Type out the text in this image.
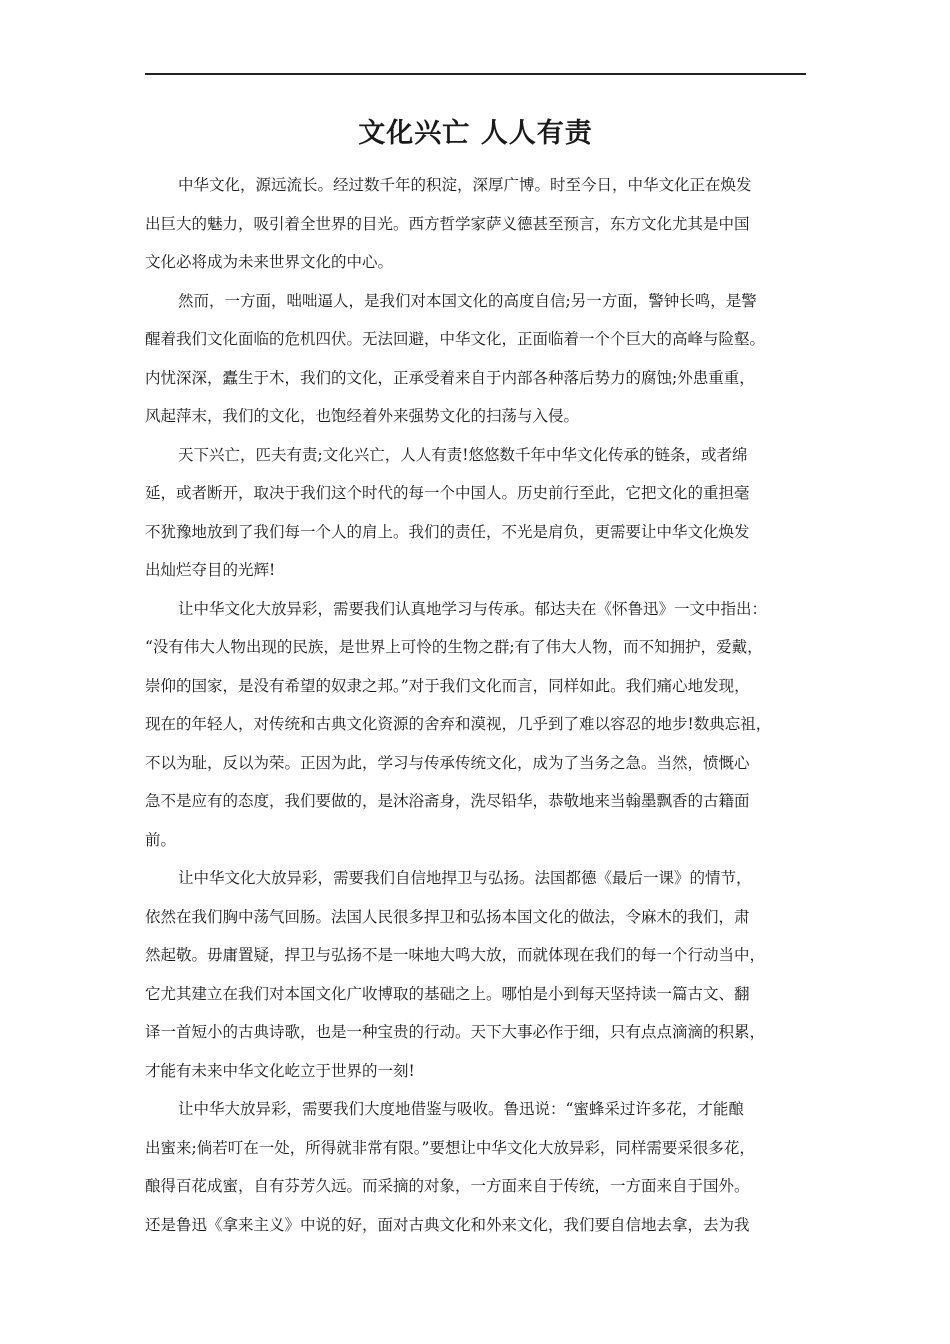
文化兴亡 人人有责

中华文化，源远流长。经过数千年的积淀，深厚广博。时至今日，中华文化正在焕发
出巨大的魅力，吸引着全世界的目光。西方哲学家萨义德甚至预言，东方文化尤其是中国
文化必将成为未来世界文化的中心。

然而，一方面，咄咄逼人，是我们对本国文化的高度自信;另一方面，警钟长鸣，是警
醒着我们文化面临的危机四伏。无法回避，中华文化，正面临着一个个巨大的高峰与险壑。
内忧深深，蠹生于木，我们的文化，正承受着来自于内部各种落后势力的腐蚀;外患重重，
风起萍末，我们的文化，也饱经着外来强势文化的扫荡与入侵。

天下兴亡，匹夫有责;文化兴亡，人人有责!悠悠数千年中华文化传承的链条，或者绵
延，或者断开，取决于我们这个时代的每一个中国人。历史前行至此，它把文化的重担毫
不犹豫地放到了我们每一个人的肩上。我们的责任，不光是肩负，更需要让中华文化焕发
出灿烂夺目的光辉!

让中华文化大放异彩，需要我们认真地学习与传承。郁达夫在《怀鲁迅》一文中指出：
“没有伟大人物出现的民族，是世界上可怜的生物之群;有了伟大人物，而不知拥护，爱戴，
崇仰的国家，是没有希望的奴隶之邦。”对于我们文化而言，同样如此。我们痛心地发现，
现在的年轻人，对传统和古典文化资源的舍弃和漠视，几乎到了难以容忍的地步!数典忘祖，
不以为耻，反以为荣。正因为此，学习与传承传统文化，成为了当务之急。当然，愤慨心
急不是应有的态度，我们要做的，是沐浴斋身，洗尽铅华，恭敬地来当翰墨飘香的古籍面
前。

让中华文化大放异彩，需要我们自信地捍卫与弘扬。法国都德《最后一课》的情节，
依然在我们胸中荡气回肠。法国人民很多捍卫和弘扬本国文化的做法，令麻木的我们，肃
然起敬。毋庸置疑，捍卫与弘扬不是一味地大鸣大放，而就体现在我们的每一个行动当中，
它尤其建立在我们对本国文化广收博取的基础之上。哪怕是小到每天坚持读一篇古文、翻
译一首短小的古典诗歌，也是一种宝贵的行动。天下大事必作于细，只有点点滴滴的积累，
才能有未来中华文化屹立于世界的一刻!

让中华大放异彩，需要我们大度地借鉴与吸收。鲁迅说：“蜜蜂采过许多花，才能酿
出蜜来;倘若叮在一处，所得就非常有限。”要想让中华文化大放异彩，同样需要采很多花，
酿得百花成蜜，自有芬芳久远。而采摘的对象，一方面来自于传统，一方面来自于国外。
还是鲁迅《拿来主义》中说的好，面对古典文化和外来文化，我们要自信地去拿，去为我
